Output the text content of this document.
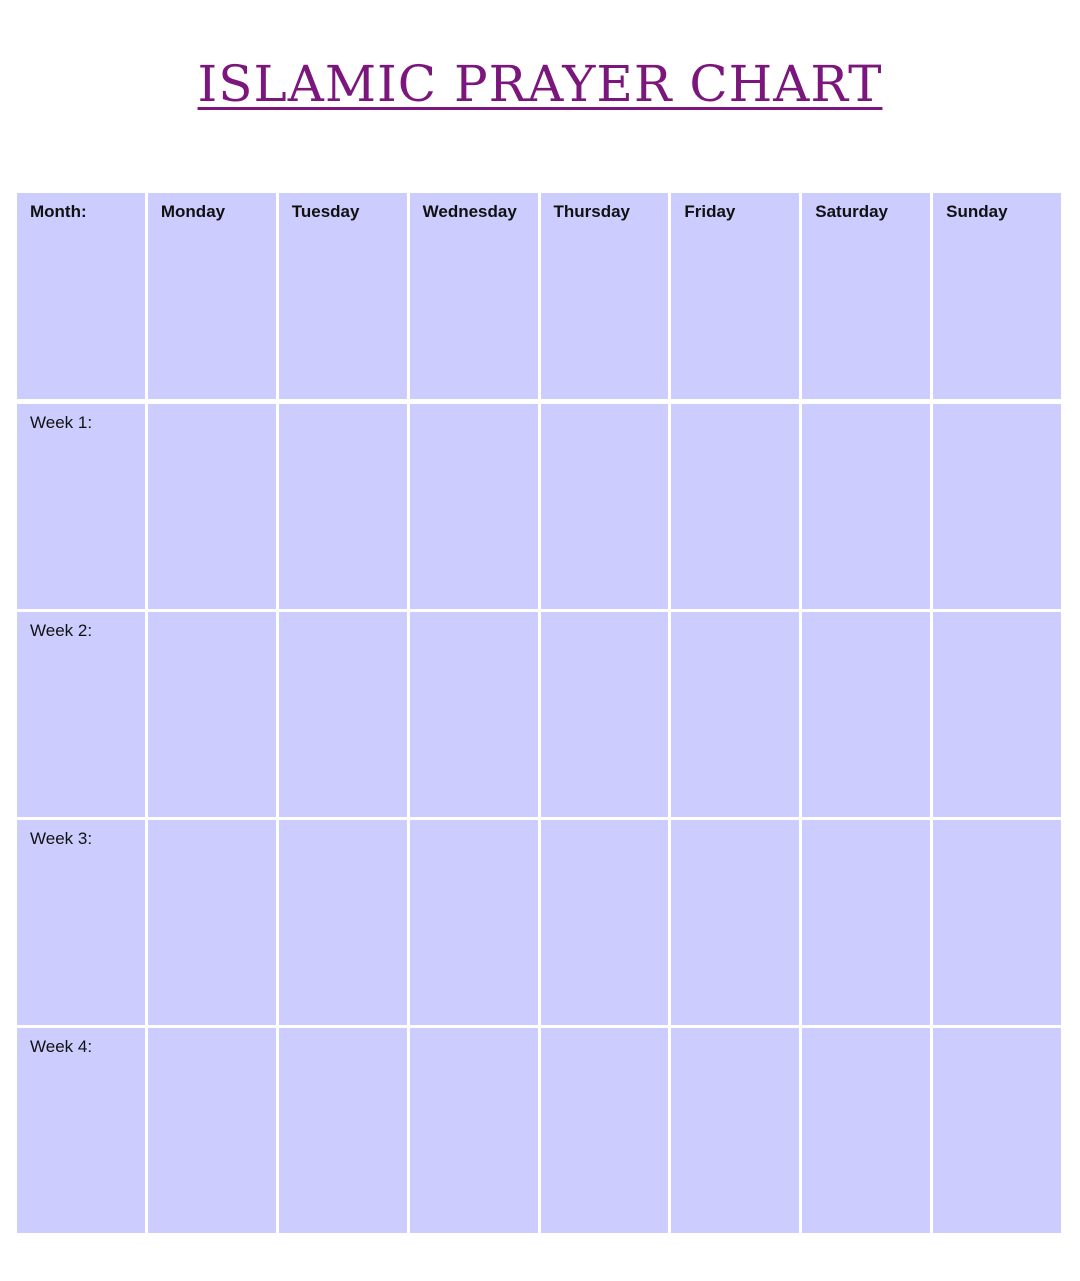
ISLAMIC PRAYER CHART
Month:	Monday	Tuesday	Wednesday	Thursday	Friday	Saturday	Sunday
Week 1:
Week 2:
Week 3:
Week 4:
